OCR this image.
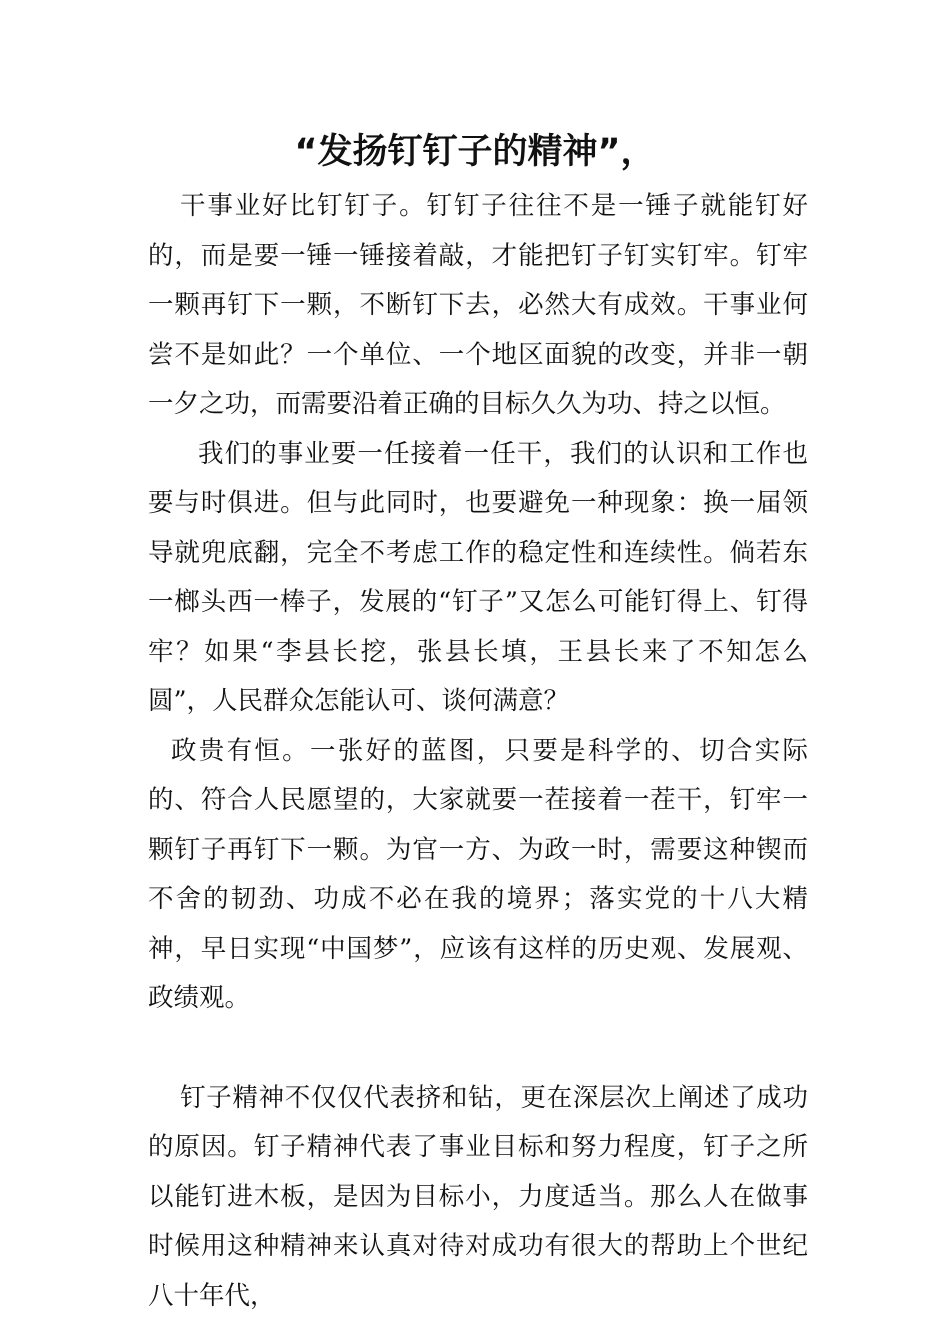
“发扬钉钉子的精神”，

干事业好比钉钉子。钉钉子往往不是一锤子就能钉好的，而是要一锤一锤接着敲，才能把钉子钉实钉牢。钉牢一颗再钉下一颗，不断钉下去，必然大有成效。干事业何尝不是如此？一个单位、一个地区面貌的改变，并非一朝一夕之功，而需要沿着正确的目标久久为功、持之以恒。

我们的事业要一任接着一任干，我们的认识和工作也要与时俱进。但与此同时，也要避免一种现象：换一届领导就兜底翻，完全不考虑工作的稳定性和连续性。倘若东一榔头西一棒子，发展的“钉子”又怎么可能钉得上、钉得牢？如果“李县长挖，张县长填，王县长来了不知怎么圆”，人民群众怎能认可、谈何满意？

政贵有恒。一张好的蓝图，只要是科学的、切合实际的、符合人民愿望的，大家就要一茬接着一茬干，钉牢一颗钉子再钉下一颗。为官一方、为政一时，需要这种锲而不舍的韧劲、功成不必在我的境界；落实党的十八大精神，早日实现“中国梦”，应该有这样的历史观、发展观、政绩观。

钉子精神不仅仅代表挤和钻，更在深层次上阐述了成功的原因。钉子精神代表了事业目标和努力程度，钉子之所以能钉进木板，是因为目标小，力度适当。那么人在做事时候用这种精神来认真对待对成功有很大的帮助上个世纪八十年代，
